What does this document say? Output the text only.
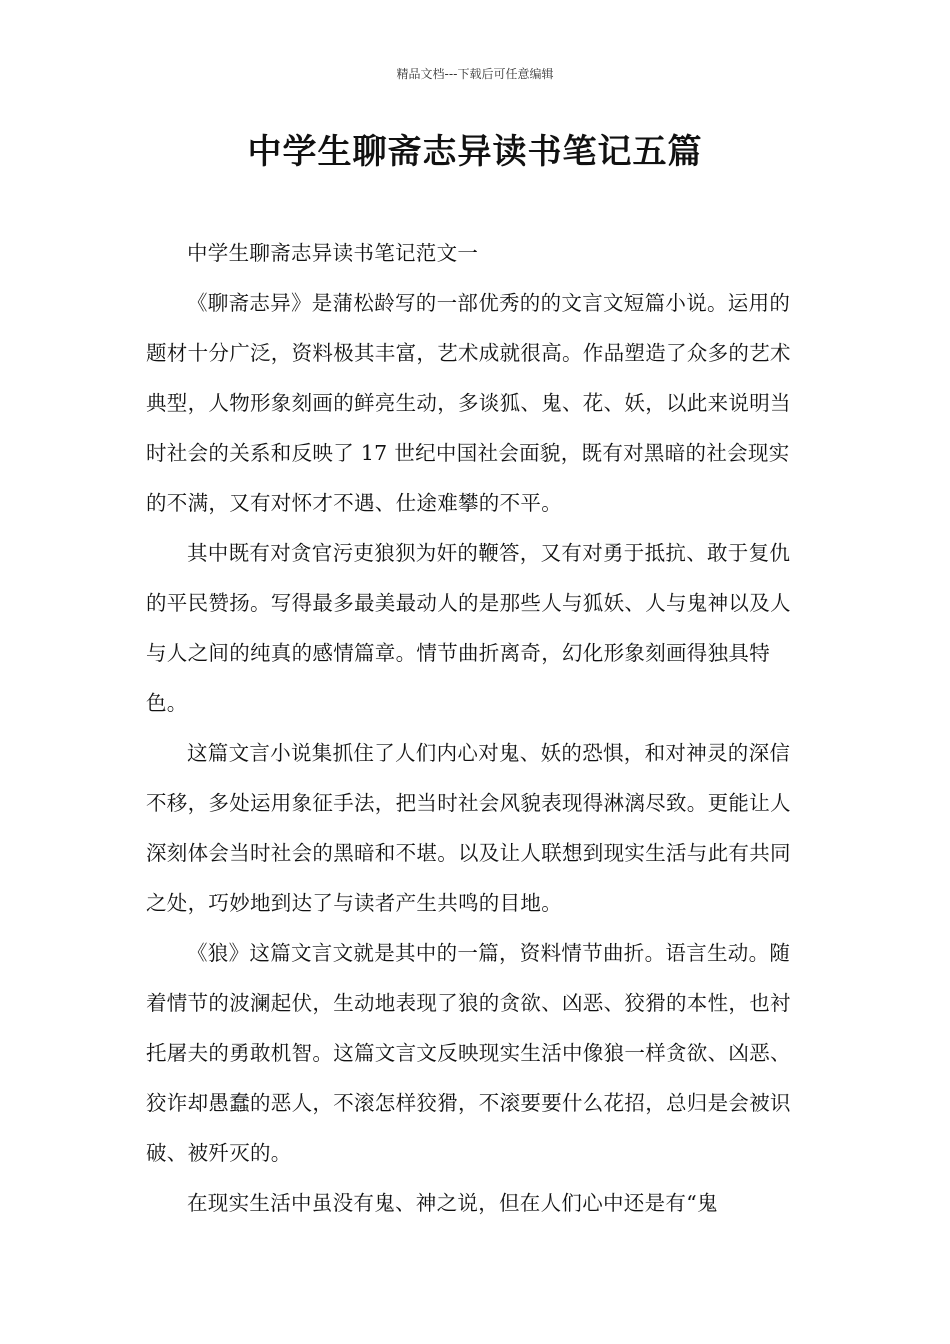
精品文档---下载后可任意编辑
中学生聊斋志异读书笔记五篇

中学生聊斋志异读书笔记范文一

《聊斋志异》是蒲松龄写的一部优秀的的文言文短篇小说。运用的题材十分广泛，资料极其丰富，艺术成就很高。作品塑造了众多的艺术典型，人物形象刻画的鲜亮生动，多谈狐、鬼、花、妖，以此来说明当时社会的关系和反映了 17 世纪中国社会面貌，既有对黑暗的社会现实的不满，又有对怀才不遇、仕途难攀的不平。

其中既有对贪官污吏狼狈为奸的鞭答，又有对勇于抵抗、敢于复仇的平民赞扬。写得最多最美最动人的是那些人与狐妖、人与鬼神以及人与人之间的纯真的感情篇章。情节曲折离奇，幻化形象刻画得独具特色。

这篇文言小说集抓住了人们内心对鬼、妖的恐惧，和对神灵的深信不移，多处运用象征手法，把当时社会风貌表现得淋漓尽致。更能让人深刻体会当时社会的黑暗和不堪。以及让人联想到现实生活与此有共同之处，巧妙地到达了与读者产生共鸣的目地。

《狼》这篇文言文就是其中的一篇，资料情节曲折。语言生动。随着情节的波澜起伏，生动地表现了狼的贪欲、凶恶、狡猾的本性，也衬托屠夫的勇敢机智。这篇文言文反映现实生活中像狼一样贪欲、凶恶、狡诈却愚蠢的恶人，不滚怎样狡猾，不滚要要什么花招，总归是会被识破、被歼灭的。

在现实生活中虽没有鬼、神之说，但在人们心中还是有“鬼
